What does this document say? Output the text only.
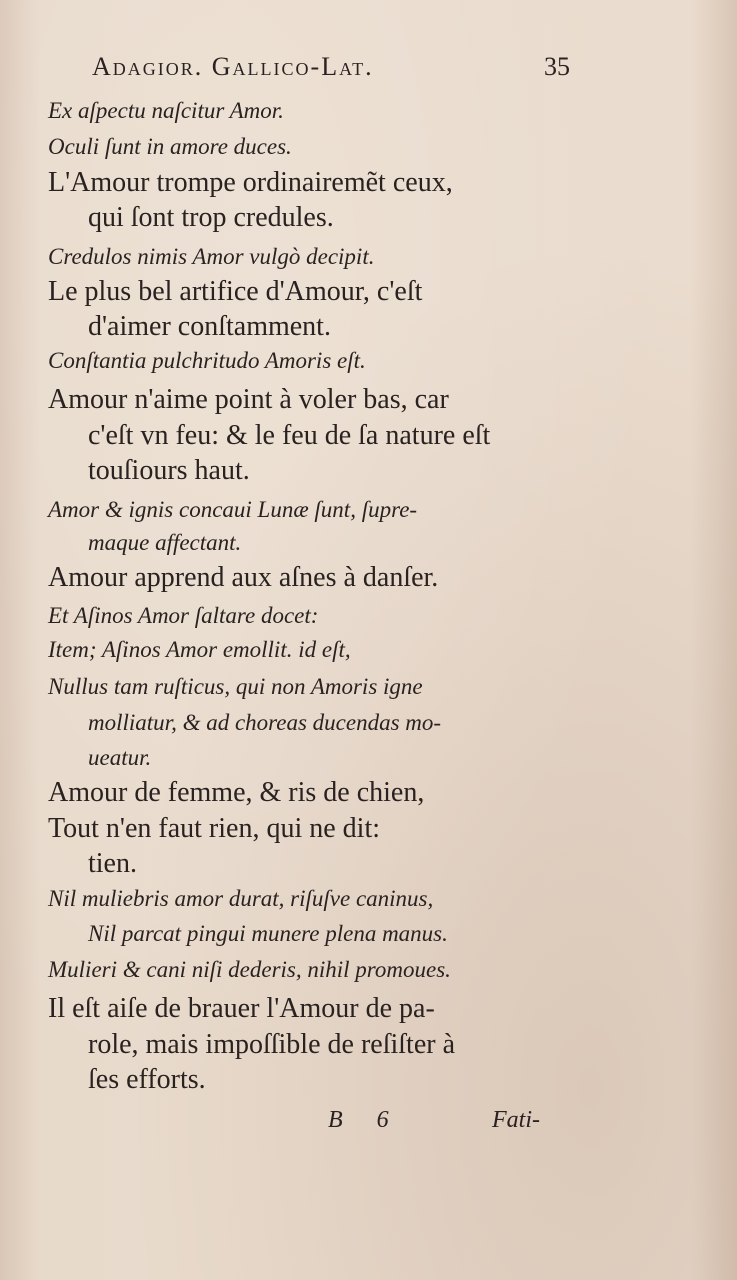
Adagior. Gallico-Lat.	35
Ex aſpectu naſcitur Amor.
Oculi ſunt in amore duces.
L'Amour trompe ordinairemẽt ceux,
qui ſont trop credules.
Credulos nimis Amor vulgò decipit.
Le plus bel artifice d'Amour, c'eſt
d'aimer conſtamment.
Conſtantia pulchritudo Amoris eſt.
Amour n'aime point à voler bas, car
c'eſt vn feu: & le feu de ſa nature eſt
touſiours haut.
Amor & ignis concaui Lunæ ſunt, ſupre-
maque affectant.
Amour apprend aux aſnes à danſer.
Et Aſinos Amor ſaltare docet:
Item; Aſinos Amor emollit. id eſt,
Nullus tam ruſticus, qui non Amoris igne
molliatur, & ad choreas ducendas mo-
ueatur.
Amour de femme, & ris de chien,
Tout n'en faut rien, qui ne dit:
tien.
Nil muliebris amor durat, riſuſve caninus,
Nil parcat pingui munere plena manus.
Mulieri & cani niſi dederis, nihil promoues.
Il eſt aiſe de brauer l'Amour de pa-
role, mais impoſſible de reſiſter à
ſes efforts.
B 6	Fati-
